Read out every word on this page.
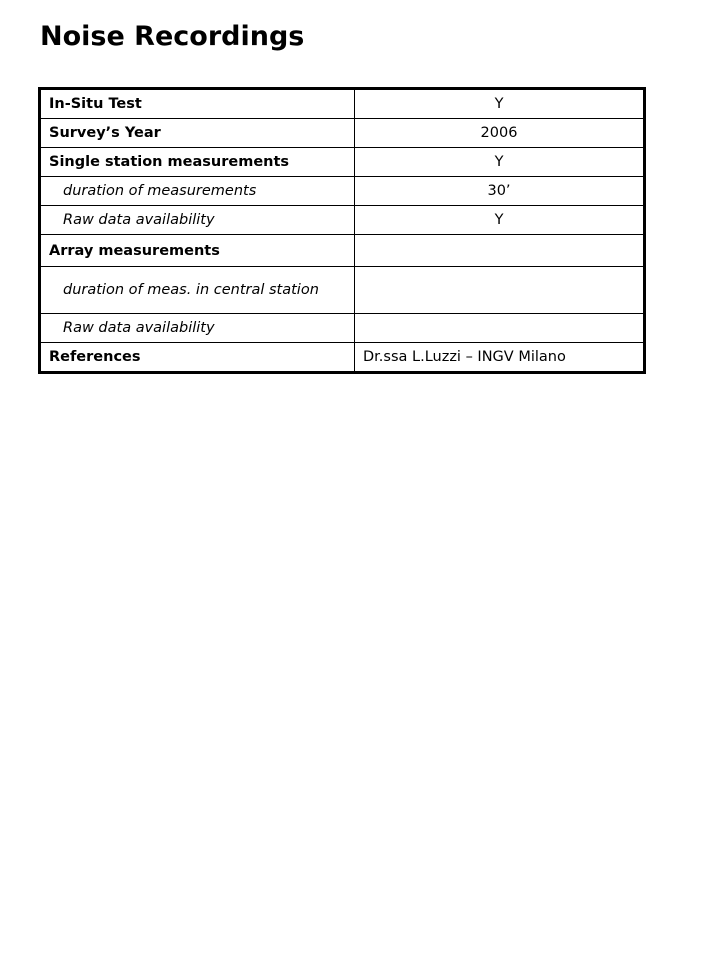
Noise Recordings
In-Situ Test	Y
Survey’s Year	2006
Single station measurements	Y
duration of measurements	30’
Raw data availability	Y
Array measurements	
duration of meas. in central station	
Raw data availability	
References	Dr.ssa L.Luzzi – INGV Milano
